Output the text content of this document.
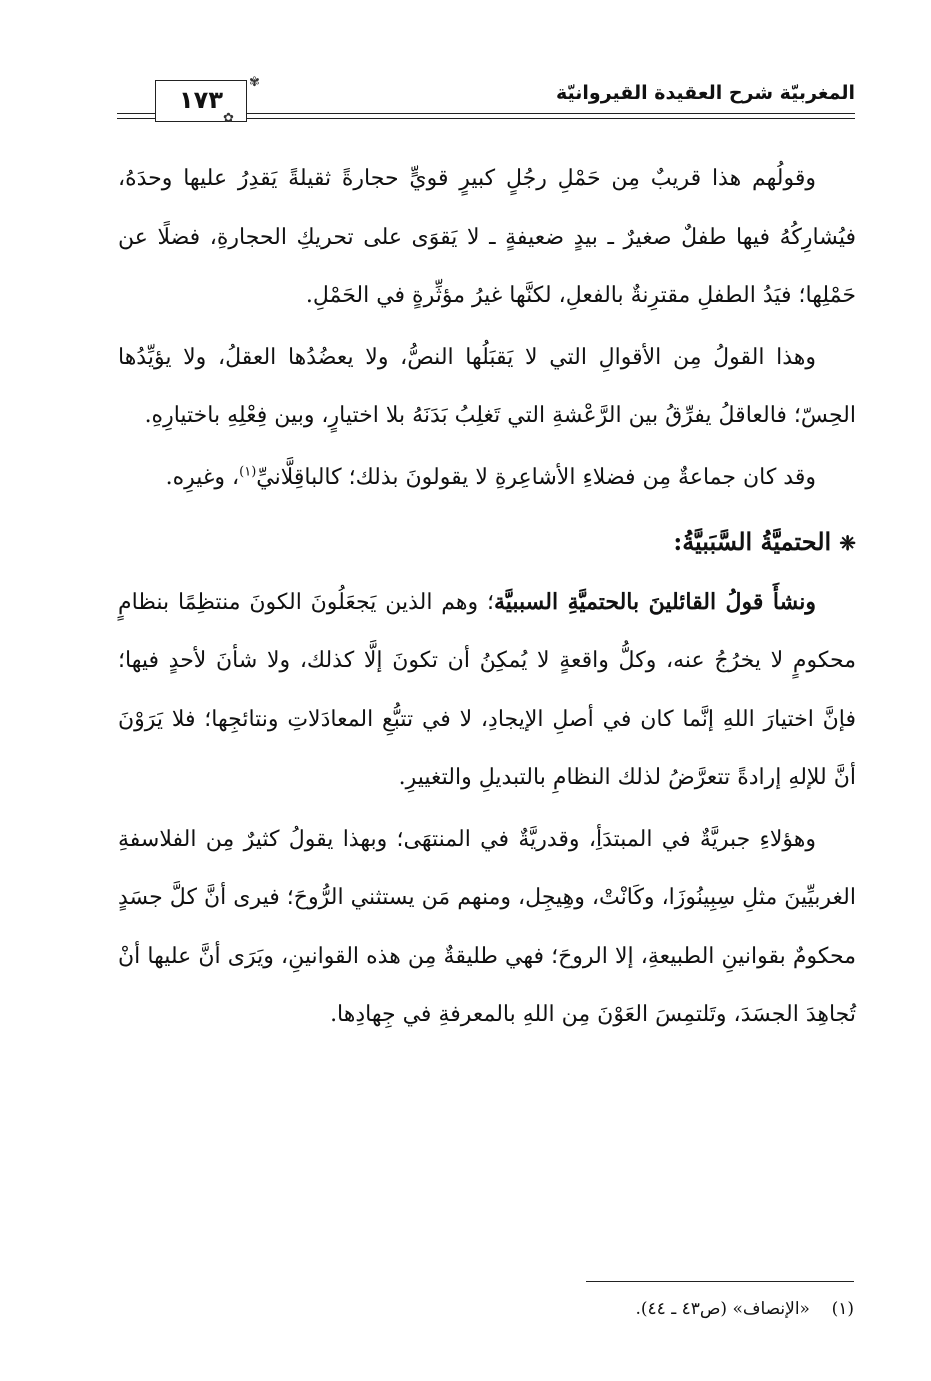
المغربيّة شرح العقيدة القيروانيّة
١٧٣
✾
✿

وقولُهم هذا قريبٌ مِن حَمْلِ رجُلٍ كبيرٍ قويٍّ حجارةً ثقيلةً يَقدِرُ عليها وحدَهُ، فيُشارِكُهُ فيها طفلٌ صغيرٌ ـ بيدٍ ضعيفةٍ ـ لا يَقوَى على تحريكِ الحجارةِ، فضلًا عن حَمْلِها؛ فيَدُ الطفلِ مقترِنةٌ بالفعلِ، لكنَّها غيرُ مؤثِّرةٍ في الحَمْلِ.

وهذا القولُ مِن الأقوالِ التي لا يَقبَلُها النصُّ، ولا يعضُدُها العقلُ، ولا يؤيِّدُها الحِسّ؛ فالعاقلُ يفرِّقُ بين الرَّعْشةِ التي تَغلِبُ بَدَنَهُ بلا اختيارٍ، وبين فِعْلِهِ باختيارِهِ.

وقد كان جماعةٌ مِن فضلاءِ الأشاعِرةِ لا يقولونَ بذلك؛ كالباقِلَّانيِّ$^{(١)}$، وغيرِه.

❈الحتميَّةُ السَّبَبيَّةُ:

ونشأَ قولُ القائلينَ بالحتميَّةِ السببيَّة؛ وهم الذين يَجعَلُونَ الكونَ منتظِمًا بنظامٍ محكومٍ لا يخرُجُ عنه، وكلُّ واقعةٍ لا يُمكِنُ أن تكونَ إلَّا كذلك، ولا شأنَ لأحدٍ فيها؛ فإنَّ اختيارَ اللهِ إنَّما كان في أصلِ الإيجادِ، لا في تتبُّعِ المعادَلاتِ ونتائجِها؛ فلا يَرَوْنَ أنَّ للإلهِ إرادةً تتعرَّضُ لذلك النظامِ بالتبديلِ والتغييرِ.

وهؤلاءِ جبريَّةٌ في المبتدَأِ، وقدريَّةٌ في المنتهَى؛ وبهذا يقولُ كثيرٌ مِن الفلاسفةِ الغربيِّينَ مثلِ سِبِينُوزَا، وكَانْتْ، وهِيجِل، ومنهم مَن يستثني الرُّوحَ؛ فيرى أنَّ كلَّ جسَدٍ محكومٌ بقوانينِ الطبيعةِ، إلا الروحَ؛ فهي طليقةٌ مِن هذه القوانينِ، ويَرَى أنَّ عليها أنْ تُجاهِدَ الجسَدَ، وتَلتمِسَ العَوْنَ مِن اللهِ بالمعرفةِ في جِهادِها.

(١)    «الإنصاف» (ص٤٣ ـ ٤٤).
